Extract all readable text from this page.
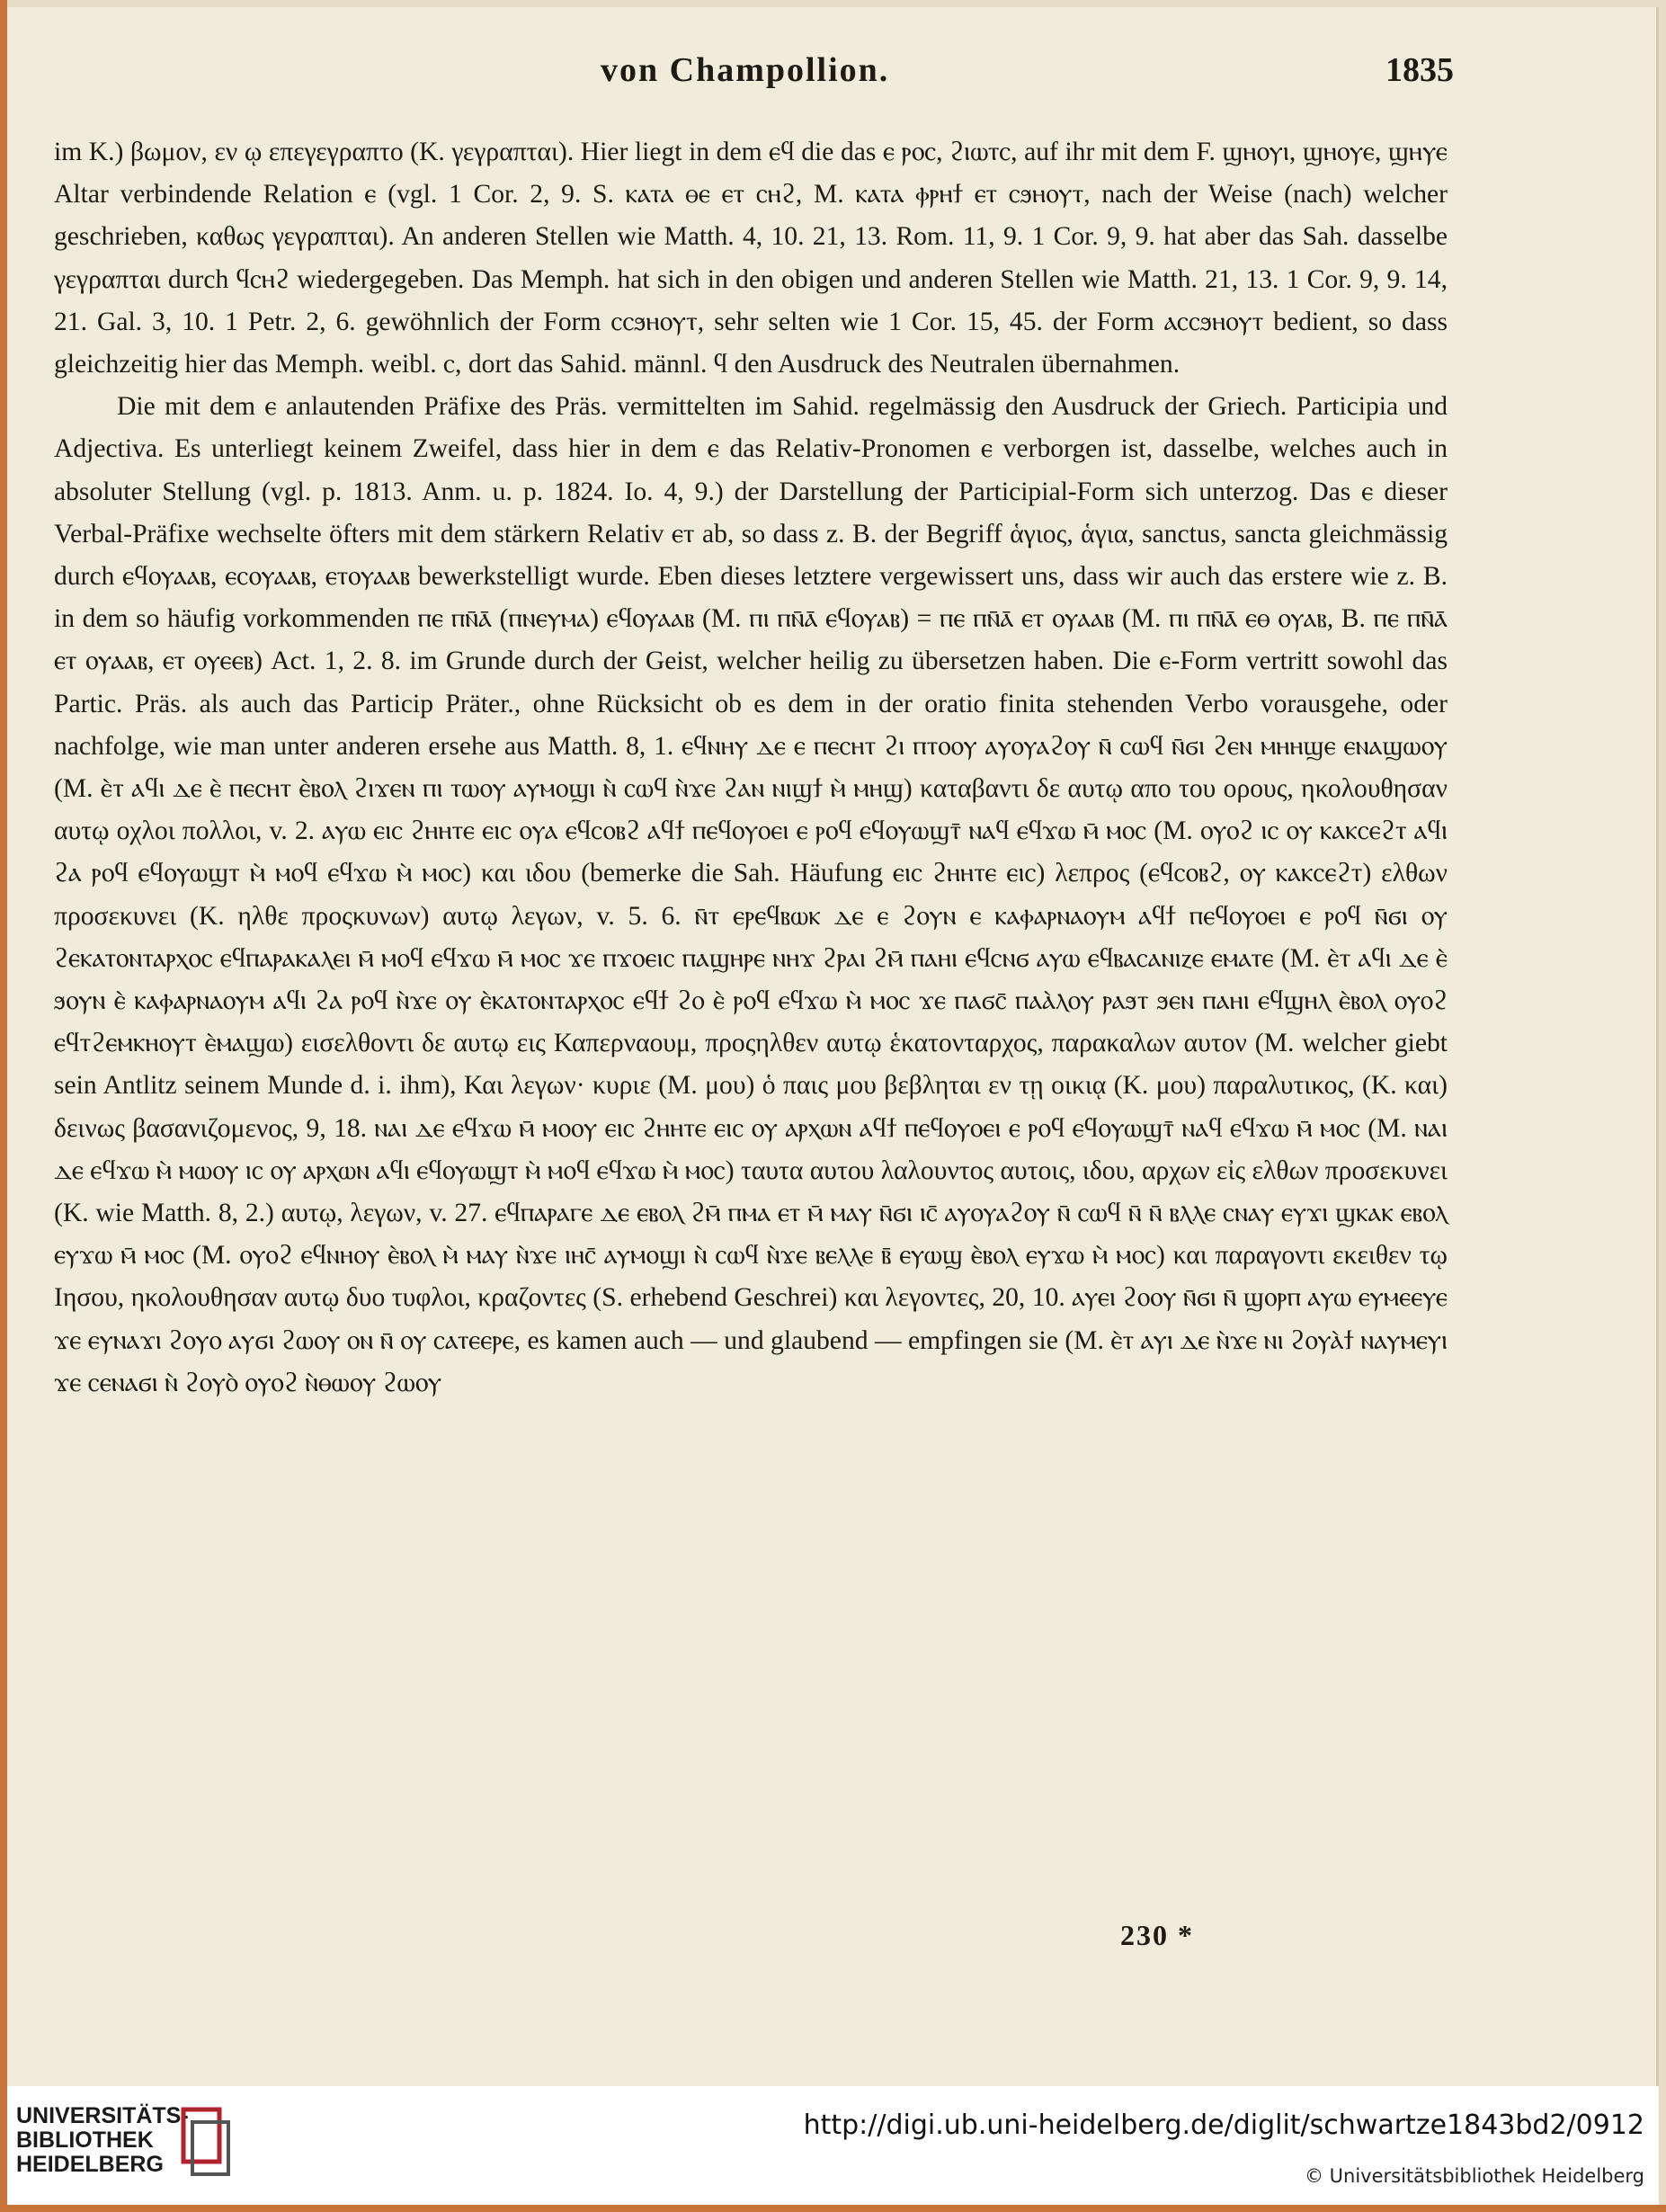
von Champollion.	1835

im K.) βωμον, εν ῳ επεγεγραπτο (K. γεγραπται). Hier liegt in dem ⲉϥ die das ⲉ ⲣⲟⲥ, ϩⲓⲱⲧⲥ, auf ihr mit dem F. ϣⲏⲟⲩⲓ, ϣⲏⲟⲩⲉ, ϣⲏⲩⲉ Altar verbindende Relation ⲉ (vgl. 1 Cor. 2, 9. S. ⲕⲁⲧⲁ ⲑⲉ ⲉⲧ ⲥⲏϩ, M. ⲕⲁⲧⲁ ⲫⲣⲏϯ ⲉⲧ ⲥϧⲏⲟⲩⲧ, nach der Weise (nach) welcher geschrieben, καθως γεγραπται). An anderen Stellen wie Matth. 4, 10. 21, 13. Rom. 11, 9. 1 Cor. 9, 9. hat aber das Sah. dasselbe γεγραπται durch ϥⲥⲏϩ wiedergegeben. Das Memph. hat sich in den obigen und anderen Stellen wie Matth. 21, 13. 1 Cor. 9, 9. 14, 21. Gal. 3, 10. 1 Petr. 2, 6. gewöhnlich der Form ⲥⲥϧⲏⲟⲩⲧ, sehr selten wie 1 Cor. 15, 45. der Form ⲁⲥⲥϧⲏⲟⲩⲧ bedient, so dass gleichzeitig hier das Memph. weibl. ⲥ, dort das Sahid. männl. ϥ den Ausdruck des Neutralen übernahmen.

Die mit dem ⲉ anlautenden Präfixe des Präs. vermittelten im Sahid. regelmässig den Ausdruck der Griech. Participia und Adjectiva. Es unterliegt keinem Zweifel, dass hier in dem ⲉ das Relativ-Pronomen ⲉ verborgen ist, dasselbe, welches auch in absoluter Stellung (vgl. p. 1813. Anm. u. p. 1824. Io. 4, 9.) der Darstellung der Participial-Form sich unterzog. Das ⲉ dieser Verbal-Präfixe wechselte öfters mit dem stärkern Relativ ⲉⲧ ab, so dass z. B. der Begriff ἁγιος, ἁγια, sanctus, sancta gleichmässig durch ⲉϥⲟⲩⲁⲁⲃ, ⲉⲥⲟⲩⲁⲁⲃ, ⲉⲧⲟⲩⲁⲁⲃ bewerkstelligt wurde. Eben dieses letztere vergewissert uns, dass wir auch das erstere wie z. B. in dem so häufig vorkommenden ⲡⲉ ⲡⲛ̄ⲁ̄ (ⲡⲛⲉⲩⲙⲁ) ⲉϥⲟⲩⲁⲁⲃ (M. ⲡⲓ ⲡⲛ̄ⲁ̄ ⲉϥⲟⲩⲁⲃ) = ⲡⲉ ⲡⲛ̄ⲁ̄ ⲉⲧ ⲟⲩⲁⲁⲃ (M. ⲡⲓ ⲡⲛ̄ⲁ̄ ⲉⲑ ⲟⲩⲁⲃ, B. ⲡⲉ ⲡⲛ̄ⲁ̄ ⲉⲧ ⲟⲩⲁⲁⲃ, ⲉⲧ ⲟⲩⲉⲉⲃ) Act. 1, 2. 8. im Grunde durch der Geist, welcher heilig zu übersetzen haben. Die ⲉ-Form vertritt sowohl das Partic. Präs. als auch das Particip Präter., ohne Rücksicht ob es dem in der oratio finita stehenden Verbo vorausgehe, oder nachfolge, wie man unter anderen ersehe aus Matth. 8, 1. ⲉϥⲛⲏⲩ ⲇⲉ ⲉ ⲡⲉⲥⲏⲧ ϩⲓ ⲡⲧⲟⲟⲩ ⲁⲩⲟⲩⲁϩⲟⲩ ⲛ̄ ⲥⲱϥ ⲛ̄ϭⲓ ϩⲉⲛ ⲙⲏⲏϣⲉ ⲉⲛⲁϣⲱⲟⲩ (M. ⲉ̀ⲧ ⲁϥⲓ ⲇⲉ ⲉ̀ ⲡⲉⲥⲏⲧ ⲉ̀ⲃⲟⲗ ϩⲓϫⲉⲛ ⲡⲓ ⲧⲱⲟⲩ ⲁⲩⲙⲟϣⲓ ⲛ̀ ⲥⲱϥ ⲛ̀ϫⲉ ϩⲁⲛ ⲛⲓϣϯ ⲙ̀ ⲙⲏϣ) καταβαντι δε αυτῳ απο του ορους, ηκολουθησαν αυτῳ οχλοι πολλοι, v. 2. ⲁⲩⲱ ⲉⲓⲥ ϩⲏⲏⲧⲉ ⲉⲓⲥ ⲟⲩⲁ ⲉϥⲥⲟⲃϩ ⲁϥϯ ⲡⲉϥⲟⲩⲟⲉⲓ ⲉ ⲣⲟϥ ⲉϥⲟⲩⲱϣⲧ̄ ⲛⲁϥ ⲉϥϫⲱ ⲙ̄ ⲙⲟⲥ (M. ⲟⲩⲟϩ ⲓⲥ ⲟⲩ ⲕⲁⲕⲥⲉϩⲧ ⲁϥⲓ ϩⲁ ⲣⲟϥ ⲉϥⲟⲩⲱϣⲧ ⲙ̀ ⲙⲟϥ ⲉϥϫⲱ ⲙ̀ ⲙⲟⲥ) και ιδου (bemerke die Sah. Häufung ⲉⲓⲥ ϩⲏⲏⲧⲉ ⲉⲓⲥ) λεπρος (ⲉϥⲥⲟⲃϩ, ⲟⲩ ⲕⲁⲕⲥⲉϩⲧ) ελθων προσεκυνει (K. ηλθε προςκυνων) αυτῳ λεγων, v. 5. 6. ⲛ̄ⲧ ⲉⲣⲉϥⲃⲱⲕ ⲇⲉ ⲉ ϩⲟⲩⲛ ⲉ ⲕⲁⲫⲁⲣⲛⲁⲟⲩⲙ ⲁϥϯ ⲡⲉϥⲟⲩⲟⲉⲓ ⲉ ⲣⲟϥ ⲛ̄ϭⲓ ⲟⲩ ϩⲉⲕⲁⲧⲟⲛⲧⲁⲣⲭⲟⲥ ⲉϥⲡⲁⲣⲁⲕⲁⲗⲉⲓ ⲙ̄ ⲙⲟϥ ⲉϥϫⲱ ⲙ̄ ⲙⲟⲥ ϫⲉ ⲡϫⲟⲉⲓⲥ ⲡⲁϣⲏⲣⲉ ⲛⲏϫ ϩⲣⲁⲓ ϩⲙ̄ ⲡⲁⲏⲓ ⲉϥⲥⲛϭ ⲁⲩⲱ ⲉϥⲃⲁⲥⲁⲛⲓⲍⲉ ⲉⲙⲁⲧⲉ (M. ⲉ̀ⲧ ⲁϥⲓ ⲇⲉ ⲉ̀ ϧⲟⲩⲛ ⲉ̀ ⲕⲁⲫⲁⲣⲛⲁⲟⲩⲙ ⲁϥⲓ ϩⲁ ⲣⲟϥ ⲛ̀ϫⲉ ⲟⲩ ⲉ̀ⲕⲁⲧⲟⲛⲧⲁⲣⲭⲟⲥ ⲉϥϯ ϩⲟ ⲉ̀ ⲣⲟϥ ⲉϥϫⲱ ⲙ̀ ⲙⲟⲥ ϫⲉ ⲡⲁϭⲥ̄ ⲡⲁⲁ̀ⲗⲟⲩ ⲣⲁϧⲧ ϧⲉⲛ ⲡⲁⲏⲓ ⲉϥϣⲏⲗ ⲉ̀ⲃⲟⲗ ⲟⲩⲟϩ ⲉϥⲧϩⲉⲙⲕⲏⲟⲩⲧ ⲉ̀ⲙⲁϣⲱ) εισελθοντι δε αυτῳ εις Καπερναουμ, προςηλθεν αυτῳ ἑκατονταρχος, παρακαλων αυτον (M. welcher giebt sein Antlitz seinem Munde d. i. ihm), Και λεγων· κυριε (M. μου) ὁ παις μου βεβληται εν τῃ οικιᾳ (K. μου) παραλυτικος, (K. και) δεινως βασανιζομενος, 9, 18. ⲛⲁⲓ ⲇⲉ ⲉϥϫⲱ ⲙ̄ ⲙⲟⲟⲩ ⲉⲓⲥ ϩⲏⲏⲧⲉ ⲉⲓⲥ ⲟⲩ ⲁⲣⲭⲱⲛ ⲁϥϯ ⲡⲉϥⲟⲩⲟⲉⲓ ⲉ ⲣⲟϥ ⲉϥⲟⲩⲱϣⲧ̄ ⲛⲁϥ ⲉϥϫⲱ ⲙ̄ ⲙⲟⲥ (M. ⲛⲁⲓ ⲇⲉ ⲉϥϫⲱ ⲙ̀ ⲙⲱⲟⲩ ⲓⲥ ⲟⲩ ⲁⲣⲭⲱⲛ ⲁϥⲓ ⲉϥⲟⲩⲱϣⲧ ⲙ̀ ⲙⲟϥ ⲉϥϫⲱ ⲙ̀ ⲙⲟⲥ) ταυτα αυτου λαλουντος αυτοις, ιδου, αρχων εἰς ελθων προσεκυνει (K. wie Matth. 8, 2.) αυτῳ, λεγων, v. 27. ⲉϥⲡⲁⲣⲁⲅⲉ ⲇⲉ ⲉⲃⲟⲗ ϩⲙ̄ ⲡⲙⲁ ⲉⲧ ⲙ̄ ⲙⲁⲩ ⲛ̄ϭⲓ ⲓⲥ̄ ⲁⲩⲟⲩⲁϩⲟⲩ ⲛ̄ ⲥⲱϥ ⲛ̄ ⲛ̄ ⲃⲗⲗⲉ ⲥⲛⲁⲩ ⲉⲩϫⲓ ϣⲕⲁⲕ ⲉⲃⲟⲗ ⲉⲩϫⲱ ⲙ̄ ⲙⲟⲥ (M. ⲟⲩⲟϩ ⲉϥⲛⲏⲟⲩ ⲉ̀ⲃⲟⲗ ⲙ̀ ⲙⲁⲩ ⲛ̀ϫⲉ ⲓⲏⲥ̄ ⲁⲩⲙⲟϣⲓ ⲛ̀ ⲥⲱϥ ⲛ̀ϫⲉ ⲃⲉⲗⲗⲉ ⲃ̄ ⲉⲩⲱϣ ⲉ̀ⲃⲟⲗ ⲉⲩϫⲱ ⲙ̀ ⲙⲟⲥ) και παραγοντι εκειθεν τῳ Ιησου, ηκολουθησαν αυτῳ δυο τυφλοι, κραζοντες (S. erhebend Geschrei) και λεγοντες, 20, 10. ⲁⲩⲉⲓ ϩⲟⲟⲩ ⲛ̄ϭⲓ ⲛ̄ ϣⲟⲣⲡ ⲁⲩⲱ ⲉⲩⲙⲉⲉⲩⲉ ϫⲉ ⲉⲩⲛⲁϫⲓ ϩⲟⲩⲟ ⲁⲩϭⲓ ϩⲱⲟⲩ ⲟⲛ ⲛ̄ ⲟⲩ ⲥⲁⲧⲉⲉⲣⲉ, es kamen auch — und glaubend — empfingen sie (M. ⲉ̀ⲧ ⲁⲩⲓ ⲇⲉ ⲛ̀ϫⲉ ⲛⲓ ϩⲟⲩⲁ̀ϯ ⲛⲁⲩⲙⲉⲩⲓ ϫⲉ ⲥⲉⲛⲁϭⲓ ⲛ̀ ϩⲟⲩⲟ̀ ⲟⲩⲟϩ ⲛ̀ⲑⲱⲟⲩ ϩⲱⲟⲩ

230 *
UNIVERSITÄTS-
BIBLIOTHEK
HEIDELBERG
http://digi.ub.uni-heidelberg.de/diglit/schwartze1843bd2/0912
© Universitätsbibliothek Heidelberg
